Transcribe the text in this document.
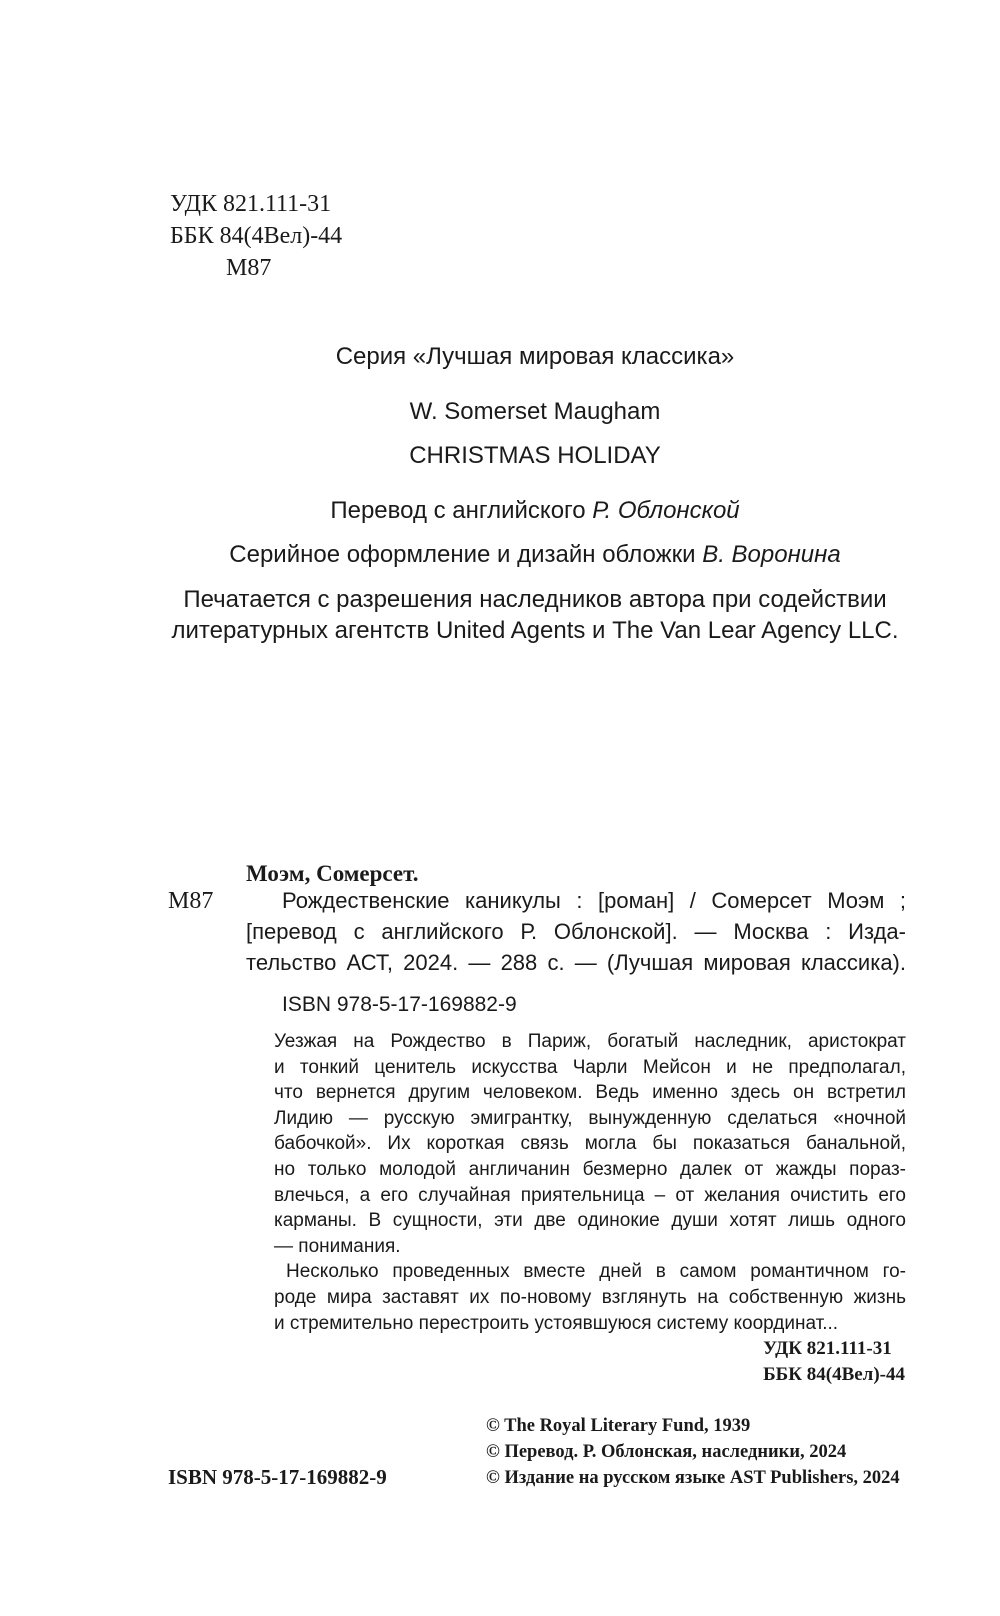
УДК 821.111-31
ББК 84(4Вел)-44
М87
Серия «Лучшая мировая классика»
W. Somerset Maugham
CHRISTMAS HOLIDAY
Перевод с английского Р. Облонской
Серийное оформление и дизайн обложки В. Воронина
Печатается с разрешения наследников автора при содействии
литературных агентств United Agents и The Van Lear Agency LLC.
Моэм, Сомерсет.
М87	Рождественские каникулы : [роман] / Сомерсет Моэм ;
[перевод с английского Р. Облонской]. — Москва : Изда-
тельство АСТ, 2024. — 288 с. — (Лучшая мировая классика).
ISBN 978-5-17-169882-9
Уезжая на Рождество в Париж, богатый наследник, аристократ
и тонкий ценитель искусства Чарли Мейсон и не предполагал,
что вернется другим человеком. Ведь именно здесь он встретил
Лидию — русскую эмигрантку, вынужденную сделаться «ночной
бабочкой». Их короткая связь могла бы показаться банальной,
но только молодой англичанин безмерно далек от жажды пораз-
влечься, а его случайная приятельница – от желания очистить его
карманы. В сущности, эти две одинокие души хотят лишь одного
— понимания.
Несколько проведенных вместе дней в самом романтичном го-
роде мира заставят их по-новому взглянуть на собственную жизнь
и стремительно перестроить устоявшуюся систему координат...
УДК 821.111-31
ББК 84(4Вел)-44
© The Royal Literary Fund, 1939
© Перевод. Р. Облонская, наследники, 2024
© Издание на русском языке AST Publishers, 2024
ISBN 978-5-17-169882-9
